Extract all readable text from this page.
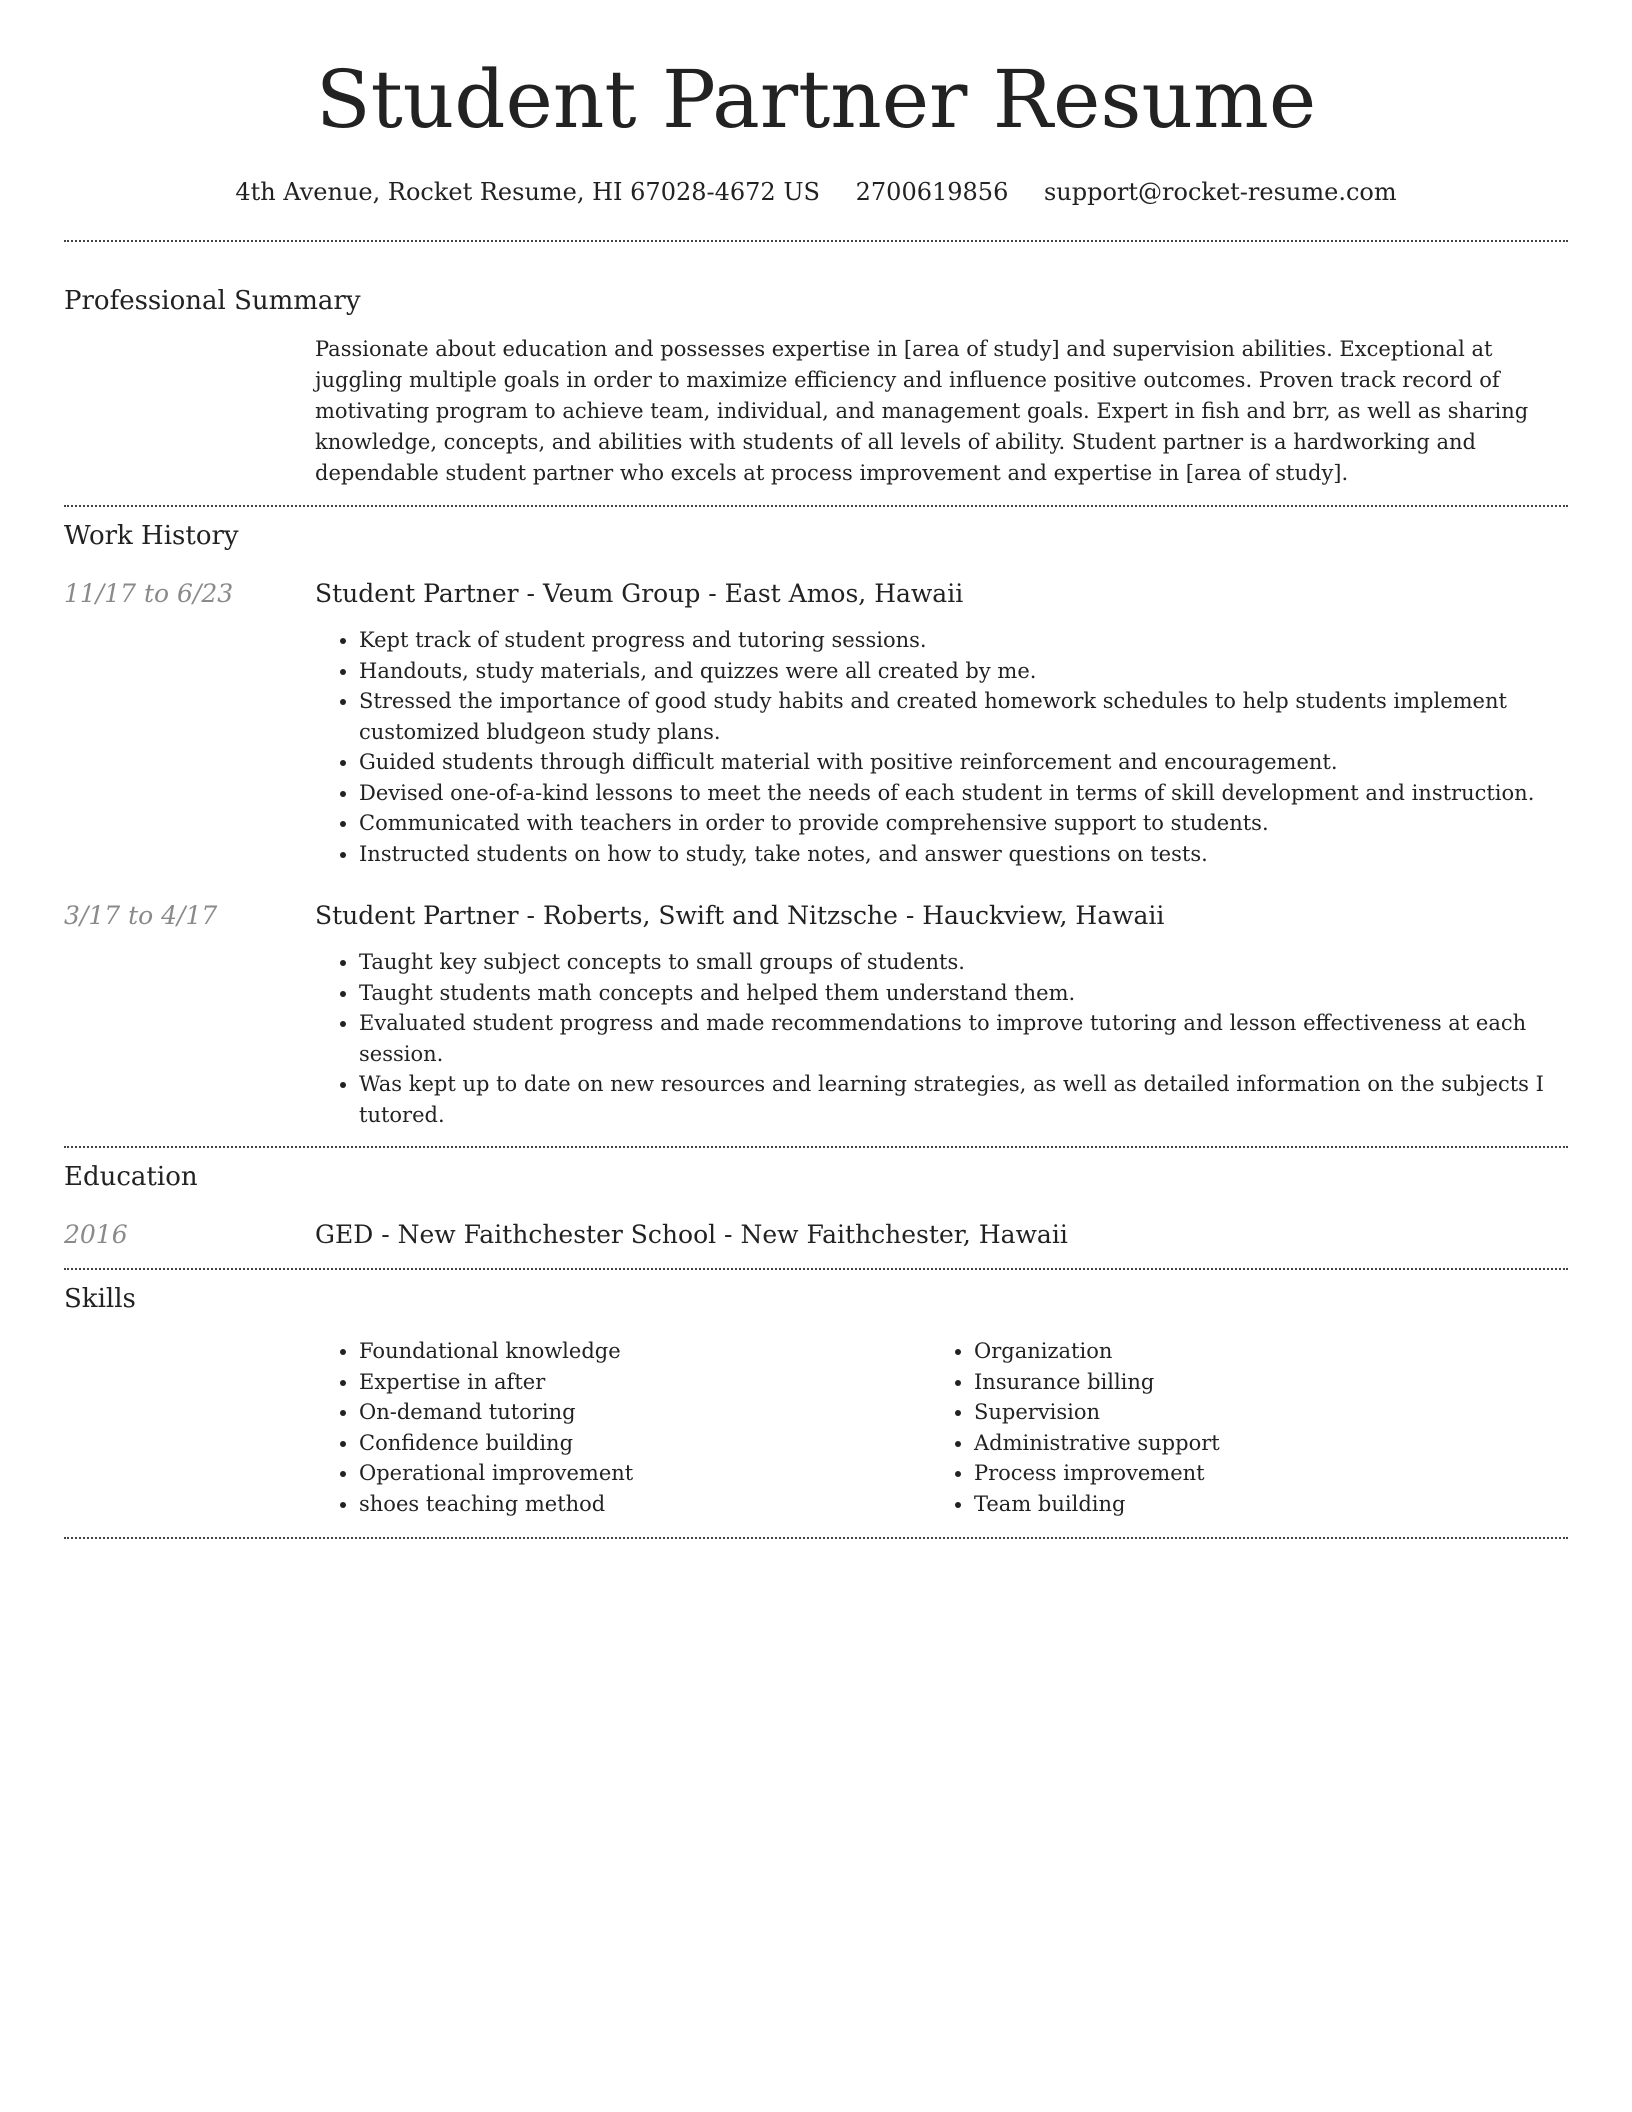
Student Partner Resume
4th Avenue, Rocket Resume, HI 67028-4672 US 2700619856 support@rocket-resume.com
Professional Summary

Passionate about education and possesses expertise in [area of study] and supervision abilities. Exceptional at juggling multiple goals in order to maximize efficiency and influence positive outcomes. Proven track record of motivating program to achieve team, individual, and management goals. Expert in fish and brr, as well as sharing knowledge, concepts, and abilities with students of all levels of ability. Student partner is a hardworking and dependable student partner who excels at process improvement and expertise in [area of study].

Work History
11/17 to 6/23	Student Partner - Veum Group - East Amos, Hawaii
• Kept track of student progress and tutoring sessions.
• Handouts, study materials, and quizzes were all created by me.
• Stressed the importance of good study habits and created homework schedules to help students implement customized bludgeon study plans.
• Guided students through difficult material with positive reinforcement and encouragement.
• Devised one-of-a-kind lessons to meet the needs of each student in terms of skill development and instruction.
• Communicated with teachers in order to provide comprehensive support to students.
• Instructed students on how to study, take notes, and answer questions on tests.
3/17 to 4/17	Student Partner - Roberts, Swift and Nitzsche - Hauckview, Hawaii
• Taught key subject concepts to small groups of students.
• Taught students math concepts and helped them understand them.
• Evaluated student progress and made recommendations to improve tutoring and lesson effectiveness at each session.
• Was kept up to date on new resources and learning strategies, as well as detailed information on the subjects I tutored.
Education
2016	GED - New Faithchester School - New Faithchester, Hawaii
Skills
• Foundational knowledge
• Expertise in after
• On-demand tutoring
• Confidence building
• Operational improvement
• shoes teaching method
• Organization
• Insurance billing
• Supervision
• Administrative support
• Process improvement
• Team building
